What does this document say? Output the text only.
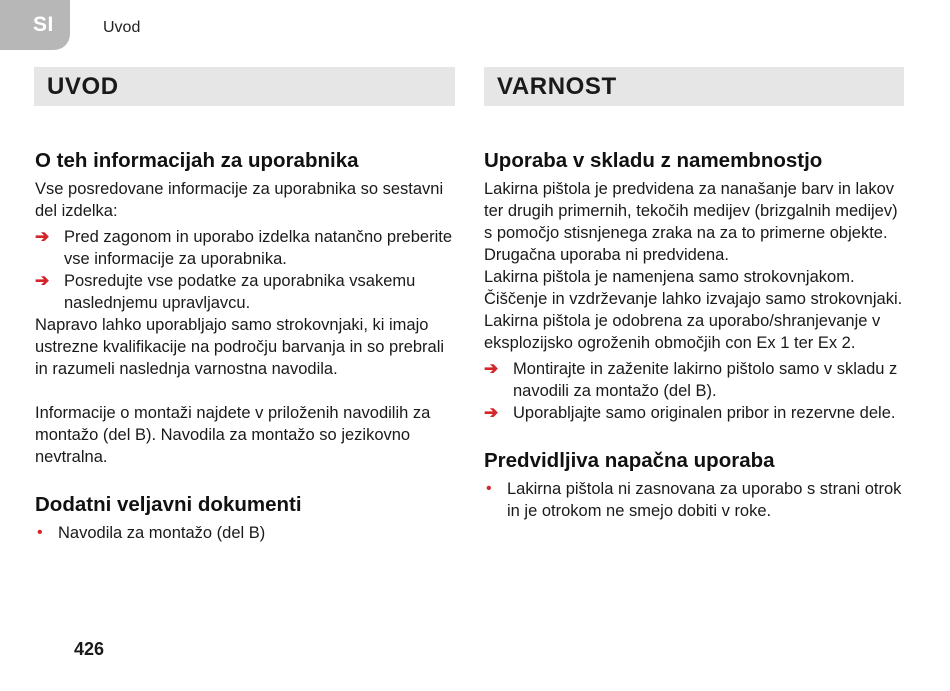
SI	Uvod
UVOD	VARNOST
O teh informacijah za uporabnika

Vse posredovane informacije za uporabnika so sestavni del izdelka:

➔ Pred zagonom in uporabo izdelka natančno preberite vse informacije za uporabnika.
➔ Posredujte vse podatke za uporabnika vsakemu naslednjemu upravljavcu.

Napravo lahko uporabljajo samo strokovnjaki, ki imajo ustrezne kvalifikacije na področju barvanja in so prebrali in razumeli naslednja varnostna navodila.

Informacije o montaži najdete v priloženih navodilih za montažo (del B). Navodila za montažo so jezikovno nevtralna.

Dodatni veljavni dokumenti
• Navodila za montažo (del B)
Uporaba v skladu z namembnostjo

Lakirna pištola je predvidena za nanašanje barv in lakov ter drugih primernih, tekočih medijev (brizgalnih medijev) s pomočjo stisnjenega zraka na za to primerne objekte. Drugačna uporaba ni predvidena.

Lakirna pištola je namenjena samo strokovnjakom. Čiščenje in vzdrževanje lahko izvajajo samo strokovnjaki.

Lakirna pištola je odobrena za uporabo/shranjevanje v eksplozijsko ogroženih območjih con Ex 1 ter Ex 2.

➔ Montirajte in zaženite lakirno pištolo samo v skladu z navodili za montažo (del B).
➔ Uporabljajte samo originalen pribor in rezervne dele.
Predvidljiva napačna uporaba
• Lakirna pištola ni zasnovana za uporabo s strani otrok in je otrokom ne smejo dobiti v roke.
426
